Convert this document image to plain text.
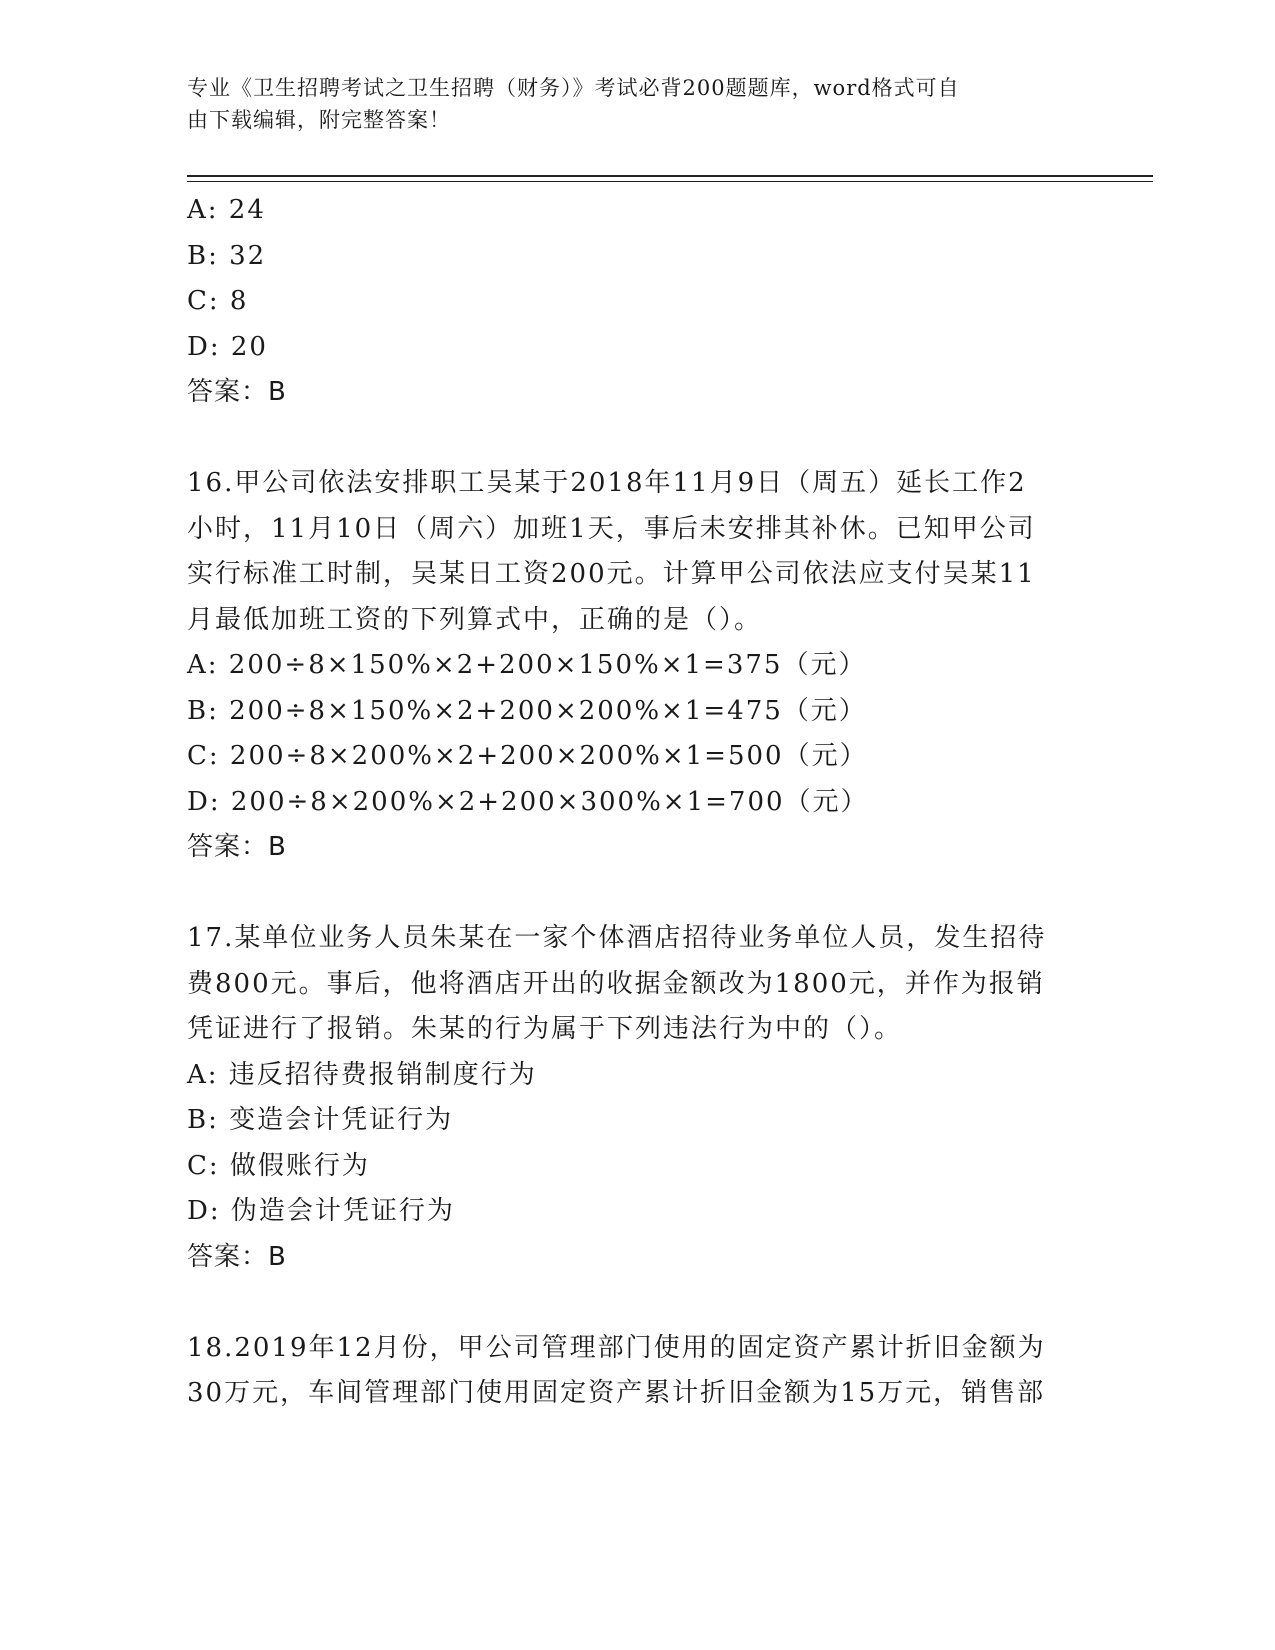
专业《卫生招聘考试之卫生招聘（财务）》考试必背200题题库，word格式可自
由下载编辑，附完整答案！
A: 24
B: 32
C: 8
D: 20
答案：B
16.甲公司依法安排职工吴某于2018年11月9日（周五）延长工作2
小时，11月10日（周六）加班1天，事后未安排其补休。已知甲公司
实行标准工时制，吴某日工资200元。计算甲公司依法应支付吴某11
月最低加班工资的下列算式中，正确的是（）。
A: 200÷8×150%×2+200×150%×1=375（元）
B: 200÷8×150%×2+200×200%×1=475（元）
C: 200÷8×200%×2+200×200%×1=500（元）
D: 200÷8×200%×2+200×300%×1=700（元）
答案：B
17.某单位业务人员朱某在一家个体酒店招待业务单位人员，发生招待
费800元。事后，他将酒店开出的收据金额改为1800元，并作为报销
凭证进行了报销。朱某的行为属于下列违法行为中的（）。
A: 违反招待费报销制度行为
B: 变造会计凭证行为
C: 做假账行为
D: 伪造会计凭证行为
答案：B
18.2019年12月份，甲公司管理部门使用的固定资产累计折旧金额为
30万元，车间管理部门使用固定资产累计折旧金额为15万元，销售部
